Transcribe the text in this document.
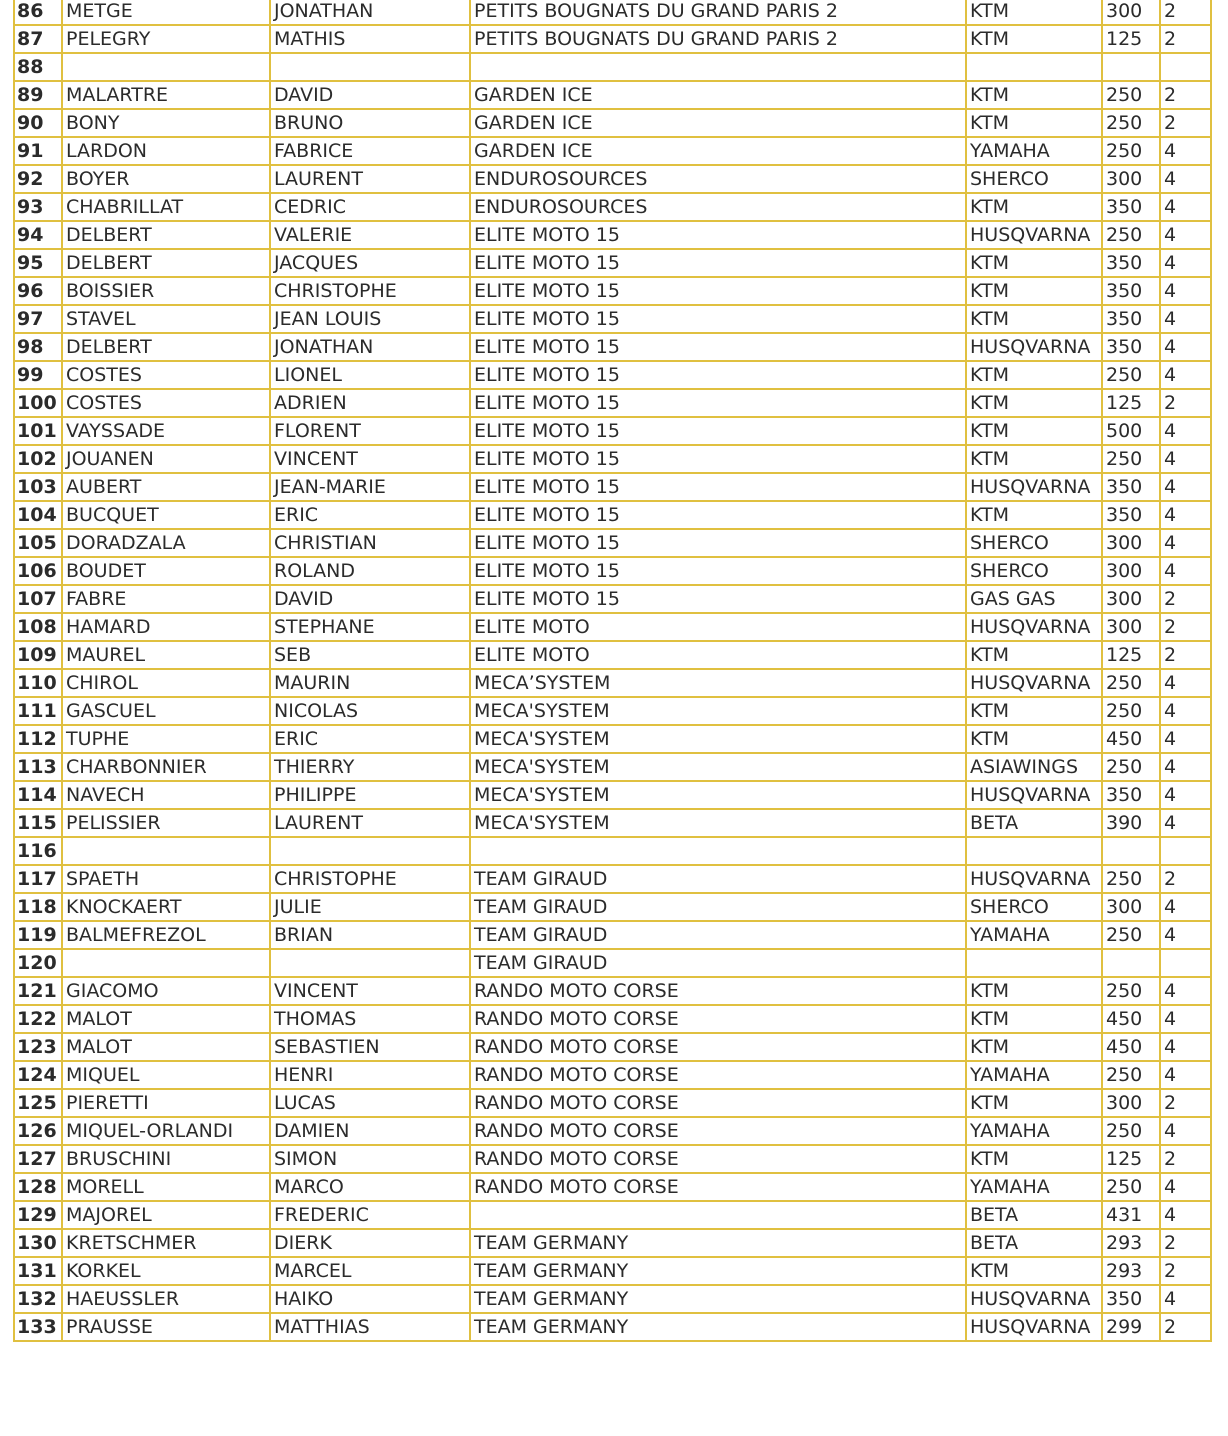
86	METGE	JONATHAN	PETITS BOUGNATS DU GRAND PARIS 2	KTM	300	2
87	PELEGRY	MATHIS	PETITS BOUGNATS DU GRAND PARIS 2	KTM	125	2
88						
89	MALARTRE	DAVID	GARDEN ICE	KTM	250	2
90	BONY	BRUNO	GARDEN ICE	KTM	250	2
91	LARDON	FABRICE	GARDEN ICE	YAMAHA	250	4
92	BOYER	LAURENT	ENDUROSOURCES	SHERCO	300	4
93	CHABRILLAT	CEDRIC	ENDUROSOURCES	KTM	350	4
94	DELBERT	VALERIE	ELITE MOTO 15	HUSQVARNA	250	4
95	DELBERT	JACQUES	ELITE MOTO 15	KTM	350	4
96	BOISSIER	CHRISTOPHE	ELITE MOTO 15	KTM	350	4
97	STAVEL	JEAN LOUIS	ELITE MOTO 15	KTM	350	4
98	DELBERT	JONATHAN	ELITE MOTO 15	HUSQVARNA	350	4
99	COSTES	LIONEL	ELITE MOTO 15	KTM	250	4
100	COSTES	ADRIEN	ELITE MOTO 15	KTM	125	2
101	VAYSSADE	FLORENT	ELITE MOTO 15	KTM	500	4
102	JOUANEN	VINCENT	ELITE MOTO 15	KTM	250	4
103	AUBERT	JEAN-MARIE	ELITE MOTO 15	HUSQVARNA	350	4
104	BUCQUET	ERIC	ELITE MOTO 15	KTM	350	4
105	DORADZALA	CHRISTIAN	ELITE MOTO 15	SHERCO	300	4
106	BOUDET	ROLAND	ELITE MOTO 15	SHERCO	300	4
107	FABRE	DAVID	ELITE MOTO 15	GAS GAS	300	2
108	HAMARD	STEPHANE	ELITE MOTO	HUSQVARNA	300	2
109	MAUREL	SEB	ELITE MOTO	KTM	125	2
110	CHIROL	MAURIN	MECA’SYSTEM	HUSQVARNA	250	4
111	GASCUEL	NICOLAS	MECA'SYSTEM	KTM	250	4
112	TUPHE	ERIC	MECA'SYSTEM	KTM	450	4
113	CHARBONNIER	THIERRY	MECA'SYSTEM	ASIAWINGS	250	4
114	NAVECH	PHILIPPE	MECA'SYSTEM	HUSQVARNA	350	4
115	PELISSIER	LAURENT	MECA'SYSTEM	BETA	390	4
116						
117	SPAETH	CHRISTOPHE	TEAM GIRAUD	HUSQVARNA	250	2
118	KNOCKAERT	JULIE	TEAM GIRAUD	SHERCO	300	4
119	BALMEFREZOL	BRIAN	TEAM GIRAUD	YAMAHA	250	4
120			TEAM GIRAUD			
121	GIACOMO	VINCENT	RANDO MOTO CORSE	KTM	250	4
122	MALOT	THOMAS	RANDO MOTO CORSE	KTM	450	4
123	MALOT	SEBASTIEN	RANDO MOTO CORSE	KTM	450	4
124	MIQUEL	HENRI	RANDO MOTO CORSE	YAMAHA	250	4
125	PIERETTI	LUCAS	RANDO MOTO CORSE	KTM	300	2
126	MIQUEL-ORLANDI	DAMIEN	RANDO MOTO CORSE	YAMAHA	250	4
127	BRUSCHINI	SIMON	RANDO MOTO CORSE	KTM	125	2
128	MORELL	MARCO	RANDO MOTO CORSE	YAMAHA	250	4
129	MAJOREL	FREDERIC		BETA	431	4
130	KRETSCHMER	DIERK	TEAM GERMANY	BETA	293	2
131	KORKEL	MARCEL	TEAM GERMANY	KTM	293	2
132	HAEUSSLER	HAIKO	TEAM GERMANY	HUSQVARNA	350	4
133	PRAUSSE	MATTHIAS	TEAM GERMANY	HUSQVARNA	299	2
